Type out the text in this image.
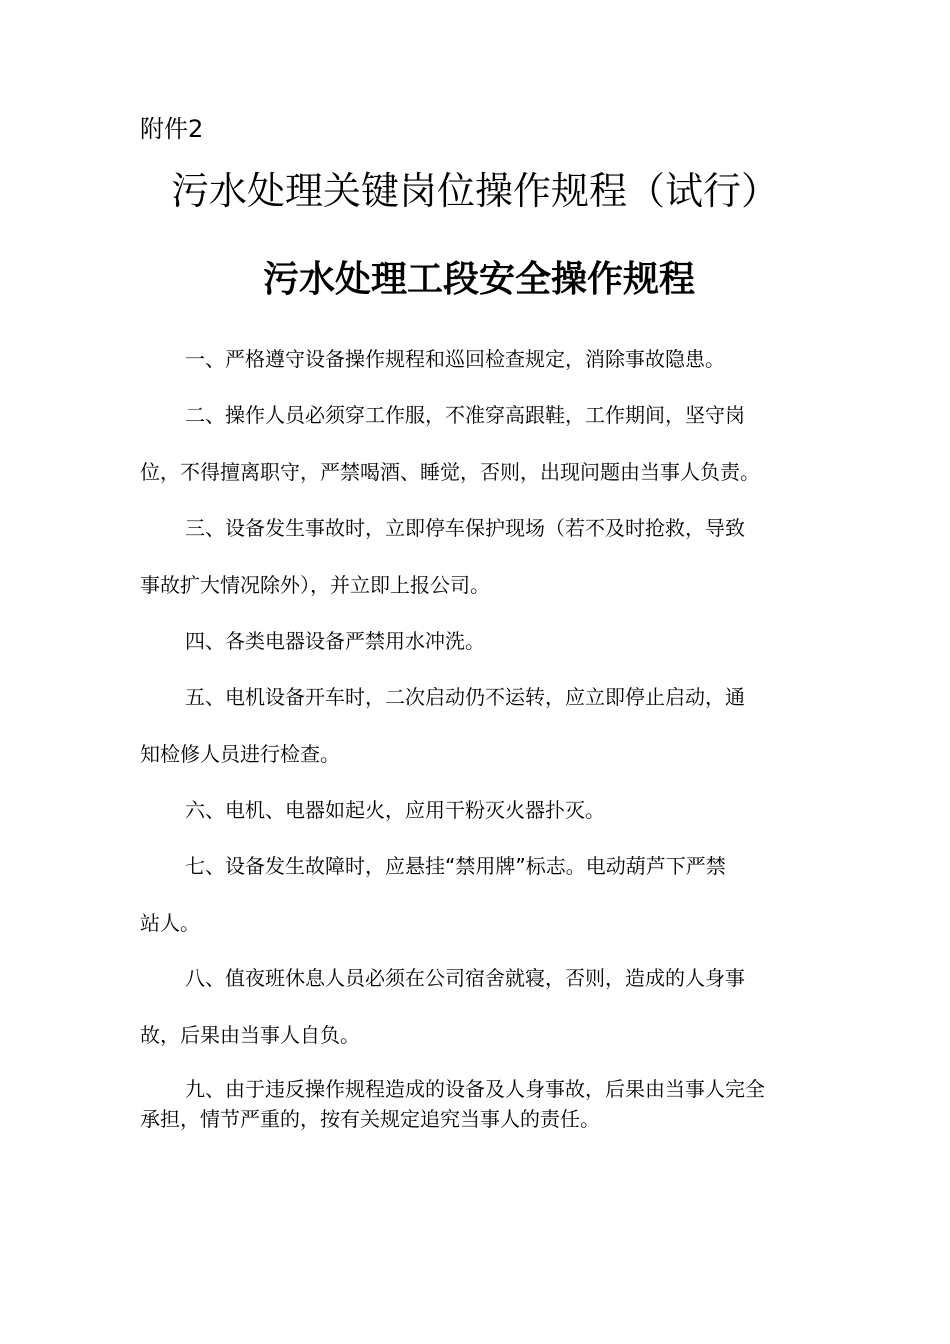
附件2
污水处理关键岗位操作规程（试行）
污水处理工段安全操作规程
一、严格遵守设备操作规程和巡回检查规定，消除事故隐患。
二、操作人员必须穿工作服，不准穿高跟鞋，工作期间，坚守岗
位，不得擅离职守，严禁喝酒、睡觉，否则，出现问题由当事人负责。
三、设备发生事故时，立即停车保护现场（若不及时抢救，导致
事故扩大情况除外），并立即上报公司。
四、各类电器设备严禁用水冲洗。
五、电机设备开车时，二次启动仍不运转，应立即停止启动，通
知检修人员进行检查。
六、电机、电器如起火，应用干粉灭火器扑灭。
七、设备发生故障时，应悬挂“禁用牌”标志。电动葫芦下严禁
站人。
八、值夜班休息人员必须在公司宿舍就寝，否则，造成的人身事
故，后果由当事人自负。
九、由于违反操作规程造成的设备及人身事故，后果由当事人完全
承担，情节严重的，按有关规定追究当事人的责任。
